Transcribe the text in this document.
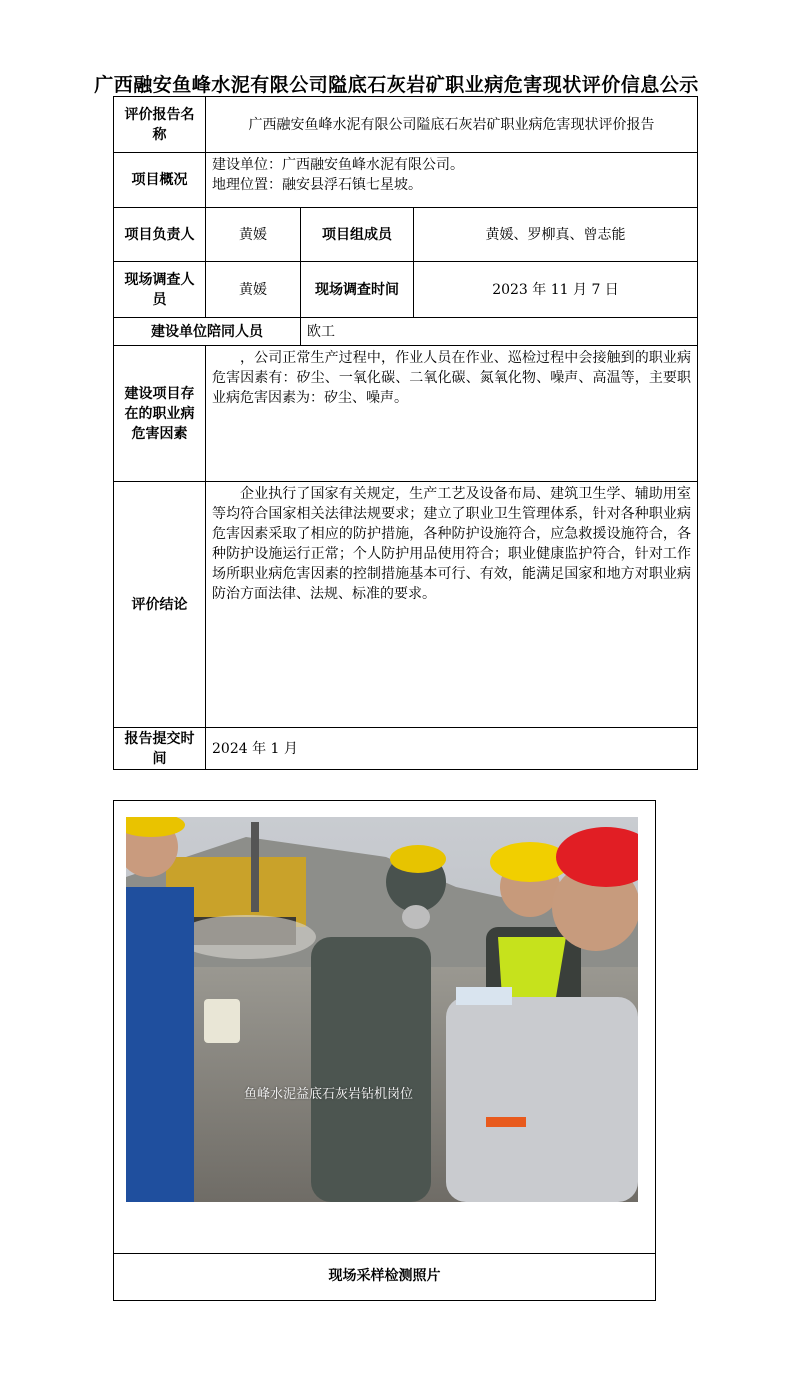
广西融安鱼峰水泥有限公司隘底石灰岩矿职业病危害现状评价信息公示
评价报告名称	广西融安鱼峰水泥有限公司隘底石灰岩矿职业病危害现状评价报告		
项目概况	建设单位：广西融安鱼峰水泥有限公司。
地理位置：融安县浮石镇七星坡。		

项目负责人	黄媛	项目组成员	黄媛、罗柳真、曾志能
现场调查人员	黄媛	现场调查时间	2023 年 11 月 7 日
建设单位陪同人员		欧工	
建设项目存在的职业病危害因素	，公司正常生产过程中，作业人员在作业、巡检过程中会接触到的职业病危害因素有：矽尘、一氧化碳、二氧化碳、氮氧化物、噪声、高温等，主要职业病危害因素为：矽尘、噪声。		
评价结论	企业执行了国家有关规定，生产工艺及设备布局、建筑卫生学、辅助用室等均符合国家相关法律法规要求；建立了职业卫生管理体系，针对各种职业病危害因素采取了相应的防护措施，各种防护设施符合，应急救援设施符合，各种防护设施运行正常；个人防护用品使用符合；职业健康监护符合，针对工作场所职业病危害因素的控制措施基本可行、有效，能满足国家和地方对职业病防治方面法律、法规、标准的要求。		
报告提交时间	2024 年 1 月		
鱼峰水泥益底石灰岩钻机岗位
现场采样检测照片
